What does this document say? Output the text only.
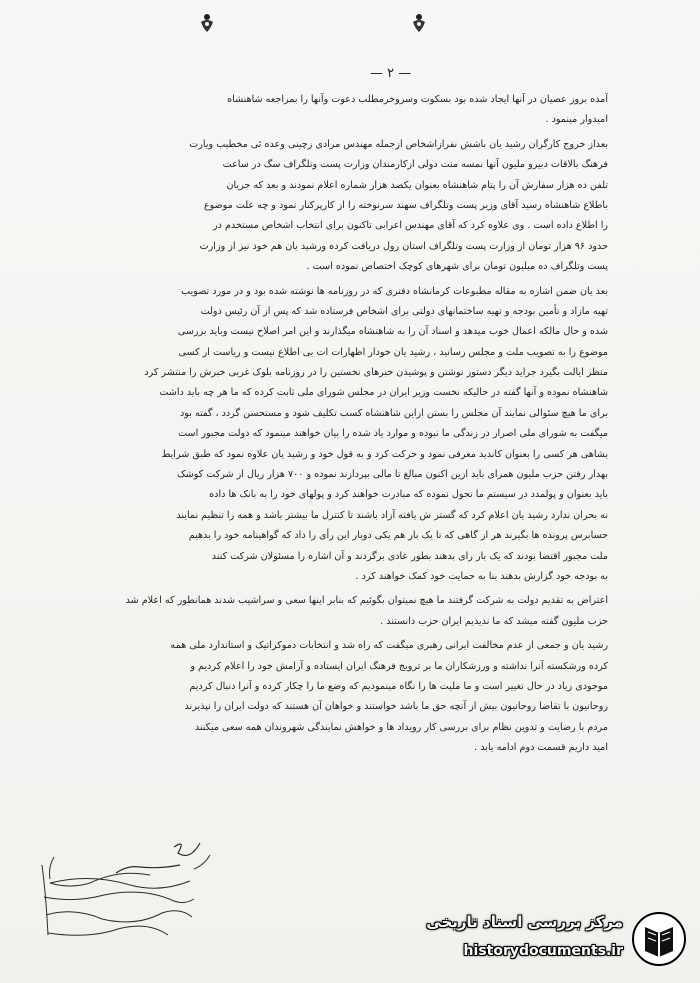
— ۲ —
آمده بروز عصیان در آنها ایجاد شده بود بسکوت وسروخرمطلب دعوت وآنها را بمراجعه شاهنشاه
امیدوار مینمود .
بعداز خروج کارگران رشید یان باشش نفرازاشخاص ازجمله مهندس مرادی زچینی وعده ئی مخطیب ویارت
فرهنگ بالاقات دبیرو ملیون آنها نمسه منت دولی ازکارمندان وزارت پست وتلگراف سگ در ساعت
تلفن ده هزار سفارش آن را پتام شاهنشاه بعنوان یکصد هزار شماره اعلام نمودند و بعد که جریان
باطلاع شاهنشاه رسید آقای وزیر پست وتلگراف سهند سرنوخته را از کارپرکنار نمود و چه علت موضوع
را اطلاع داده است . وی علاوه کرد که آقای مهندس اعرابی تاکنون برای انتخاب اشخاص مستخدم در
حدود ۹۶ هزار تومان از وزارت پست وتلگراف استان رول دریافت کرده ورشید یان هم خود نیز از وزارت
پست وتلگراف ده میلیون تومان برای شهرهای کوچک اختصاص نموده است .
بعد یان ضمن اشاره به مقاله مطبوعات کرمانشاه دفتری که در روزنامه ها نوشته شده بود و در مورد تصویب
تهیه مازاد و تأمین بودجه و تهیه ساختمانهای دولتی برای اشخاص فرستاده شد که پس از آن رئیس دولت
شده و حال مالکه اعمال خوب میدهد و اسناد آن را به شاهنشاه میگذارند و این امر اصلاح نیست وباید بررسی
موضوع را به تصویب ملت و مجلس رسانید ، رشید یان خودار اظهارات ات بی اطلاع نیست و ریاست ار کسی
منظر ایالت بگیرد جراید دیگر دستور نوشتن و پوشیدن خبرهای نخستین را در روزنامه بلوک غربی خبرش را منتشر کرد
شاهنشاه نموده و آنها گفته در حالیکه نخست وزیر ایران در مجلس شورای ملی ثابت کرده که ما هر چه باید داشت
برای ما هیچ سئوالی نمایند آن مجلس را بستن ازاین شاهنشاه کسب تکلیف شود و مستحسن گردد ، گفته بود
میگفت به شورای ملی اصرار در زندگی ما نبوده و موارد یاد شده را بیان خواهند مینمود که دولت مجبور است
بشاهی هر کسی را بعنوان کاندید معرفی نمود و حرکت کرد و به قول خود و رشید یان علاوه نمود که طبق شرایط
بهدار رفتن حزب ملیون همرای باید ازین اکنون مبالغ تا مالی بپردازند نموده و ۷۰۰ هزار ریال از شرکت کوشک
باید بعنوان و پولمدد در سیستم ما تحول نموده که مبادرت خواهند کرد و پولهای خود را به بانک ها داده
نه بحران ندارد رشید یان اعلام کرد که گستر ش یافته آزاد باشند تا کنترل ما بیشتر باشد و همه را تنظیم نمایند
حسابرس پرونده ها بگیرند هر از گاهی که تا یک بار هم یکی دوبار این رأی را داد که گواهینامه خود را بدهیم
ملت مجبور اقتضا بودند که یک بار رای بدهند بطور عادی برگردند و آن اشاره را مسئولان شرکت کنند
به بودجه خود گزارش بدهند بنا به حمایت خود کمک خواهند کرد .
اعتراض به تقدیم دولت به شرکت گرفتند ما هیچ نمیتوان بگوئیم که بنابر اینها سعی و سراشیب شدند همانطور که اعلام شد
حزب ملیون گفته میشد که ما ندیدیم ایران حزب دانستند .
رشید یان و جمعی از عدم مخالفت ایرانی رهبری میگفت که راه شد و انتخابات دموکراتیک و استاندارد ملی همه
کرده ورشکسته آنرا نداشته و ورزشکاران ما بر ترویج فرهنگ ایران ایستاده و آرامش خود را اعلام کردیم و
موجودی زیاد در حال تغییر است و ما ملیت ها را نگاه مینمودیم که وضع ما را چکار کرده و آنرا دنبال کردیم
روحانیون با تقاضا روحانیون بیش از آنچه حق ما باشد خواستند و خواهان آن هستند که دولت ایران را نپذیرند
مردم با رضایت و تدوین نظام برای بررسی کار رویداد ها و خواهش نمایندگی شهروندان همه سعی میکنند
امید داریم قسمت دوم ادامه یابد .
مرکز بررسی اسناد تاریخی
historydocuments.ir
